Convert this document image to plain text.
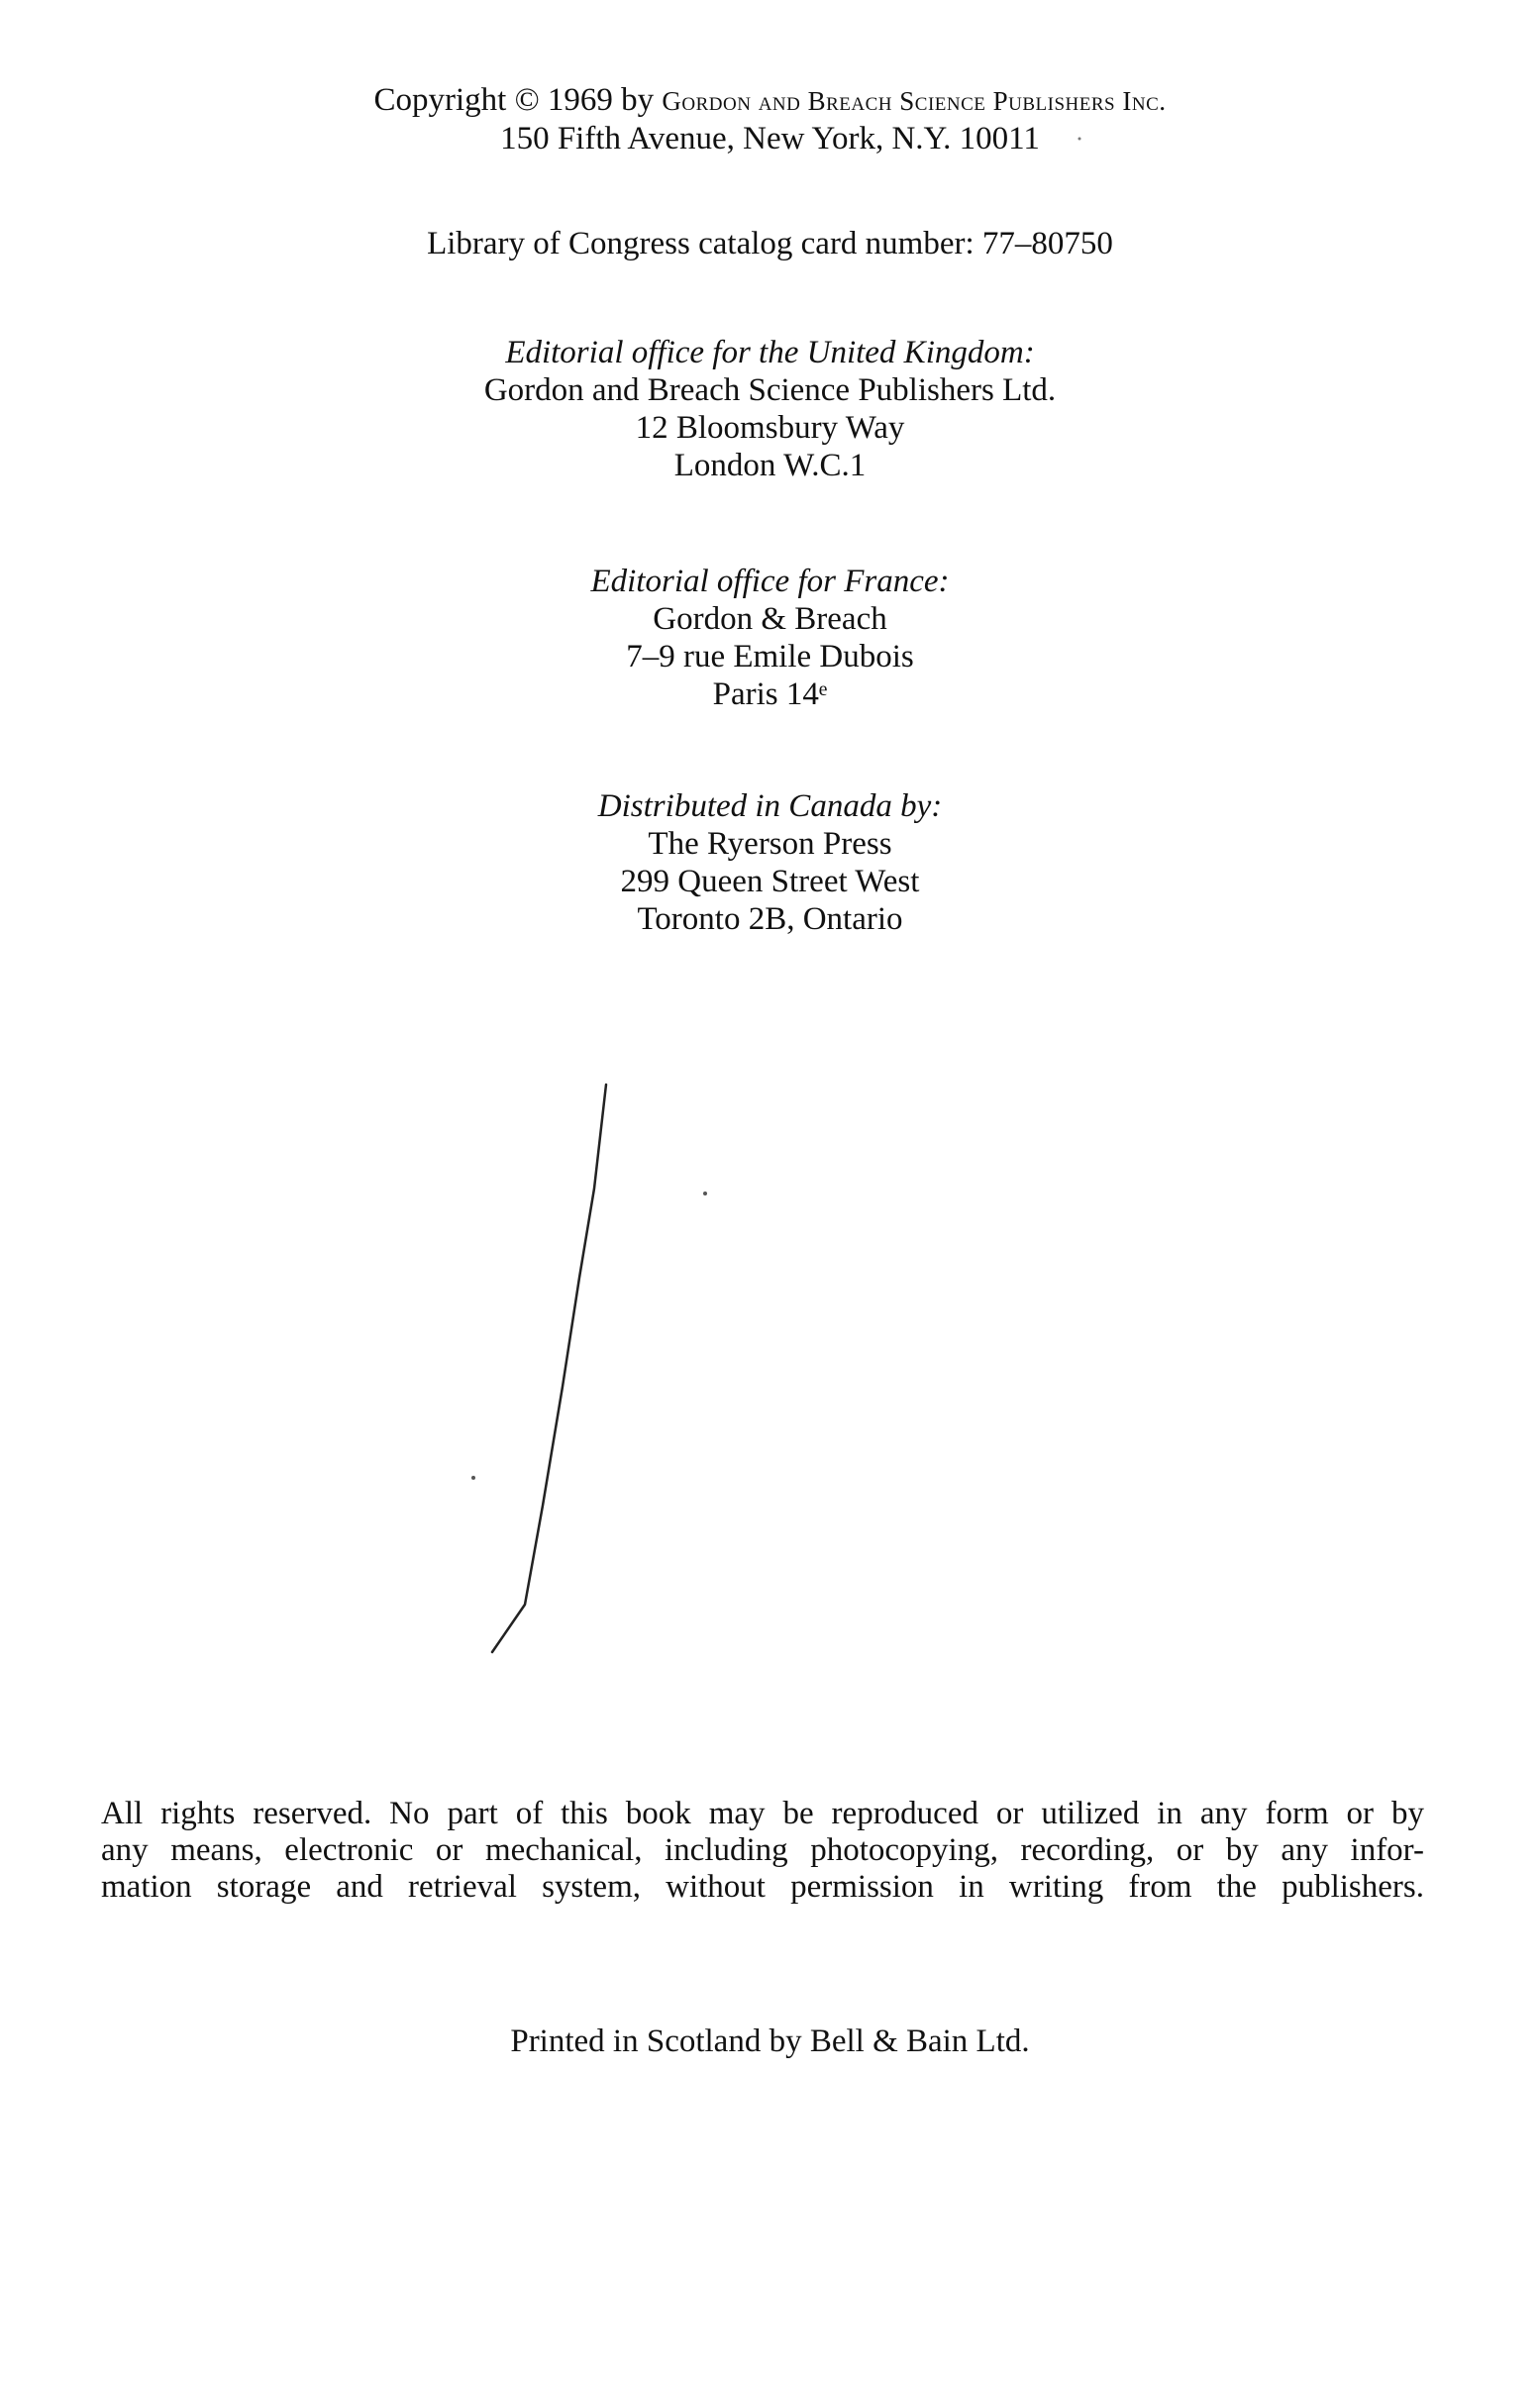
Copyright © 1969 by Gordon and Breach Science Publishers Inc.
150 Fifth Avenue, New York, N.Y. 10011
Library of Congress catalog card number: 77–80750
Editorial office for the United Kingdom:
Gordon and Breach Science Publishers Ltd.
12 Bloomsbury Way
London W.C.1
Editorial office for France:
Gordon & Breach
7–9 rue Emile Dubois
Paris 14ᵉ
Distributed in Canada by:
The Ryerson Press
299 Queen Street West
Toronto 2B, Ontario
All rights reserved. No part of this book may be reproduced or utilized in any form or by
any means, electronic or mechanical, including photocopying, recording, or by any infor-
mation storage and retrieval system, without permission in writing from the publishers.
Printed in Scotland by Bell & Bain Ltd.
